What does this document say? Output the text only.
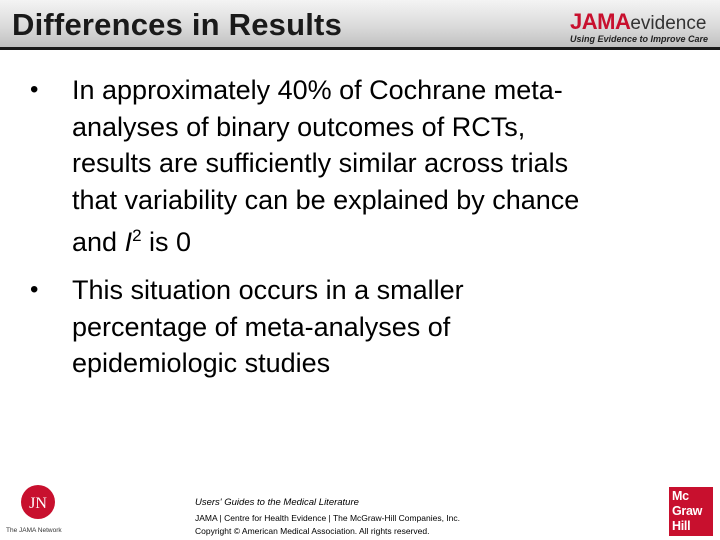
Differences in Results	JAMAevidence
Using Evidence to Improve Care
• In approximately 40% of Cochrane meta-
analyses of binary outcomes of RCTs,
results are sufficiently similar across trials
that variability can be explained by chance
and $I^2$ is 0
• This situation occurs in a smaller
percentage of meta-analyses of
epidemiologic studies
JN
The JAMA Network
Users' Guides to the Medical Literature
JAMA | Centre for Health Evidence | The McGraw-Hill Companies, Inc.
Copyright © American Medical Association. All rights reserved.
Mc
Graw
Hill
